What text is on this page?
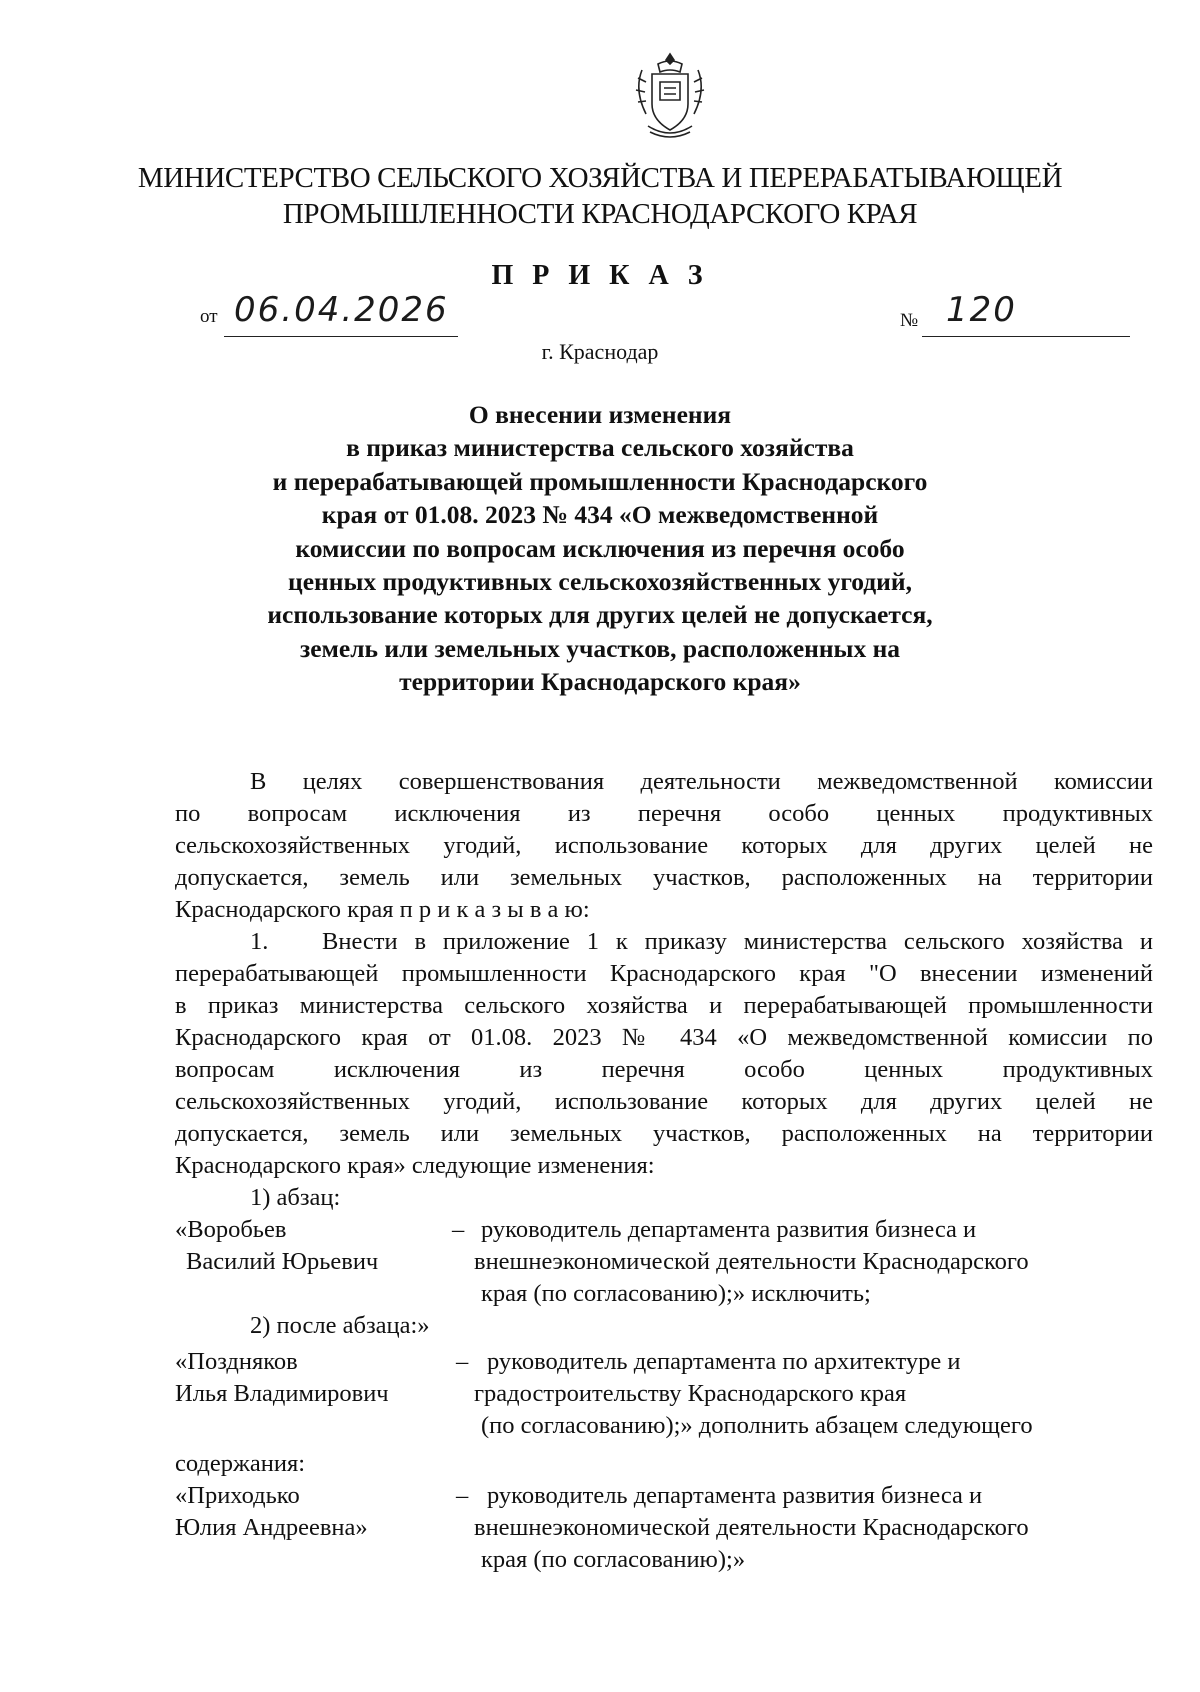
МИНИСТЕРСТВО СЕЛЬСКОГО ХОЗЯЙСТВА И ПЕРЕРАБАТЫВАЮЩЕЙ
ПРОМЫШЛЕННОСТИ КРАСНОДАРСКОГО КРАЯ
П Р И К А З
от 06.04.2026	№ 120
г. Краснодар
О внесении изменения
в приказ министерства сельского хозяйства
и перерабатывающей промышленности Краснодарского
края от 01.08. 2023 № 434 «О межведомственной
комиссии по вопросам исключения из перечня особо
ценных продуктивных сельскохозяйственных угодий,
использование которых для других целей не допускается,
земель или земельных участков, расположенных на
территории Краснодарского края»
В целях совершенствования деятельности межведомственной комиссии
по вопросам исключения из перечня особо ценных продуктивных
сельскохозяйственных угодий, использование которых для других целей не
допускается, земель или земельных участков, расположенных на территории
Краснодарского края п р и к а з ы в а ю:
1. Внести в приложение 1 к приказу министерства сельского хозяйства и
перерабатывающей промышленности Краснодарского края "О внесении изменений
в приказ министерства сельского хозяйства и перерабатывающей промышленности
Краснодарского края от 01.08. 2023 № 434 «О межведомственной комиссии по
вопросам исключения из перечня особо ценных продуктивных
сельскохозяйственных угодий, использование которых для других целей не
допускается, земель или земельных участков, расположенных на территории
Краснодарского края» следующие изменения:
1) абзац:
«Воробьев
Василий Юрьевич
– руководитель департамента развития бизнеса и
внешнеэкономической деятельности Краснодарского
края (по согласованию);» исключить;
2) после абзаца:»
«Поздняков
Илья Владимирович
– руководитель департамента по архитектуре и
градостроительству Краснодарского края
(по согласованию);» дополнить абзацем следующего
содержания:
«Приходько
Юлия Андреевна»
– руководитель департамента развития бизнеса и
внешнеэкономической деятельности Краснодарского
края (по согласованию);»
